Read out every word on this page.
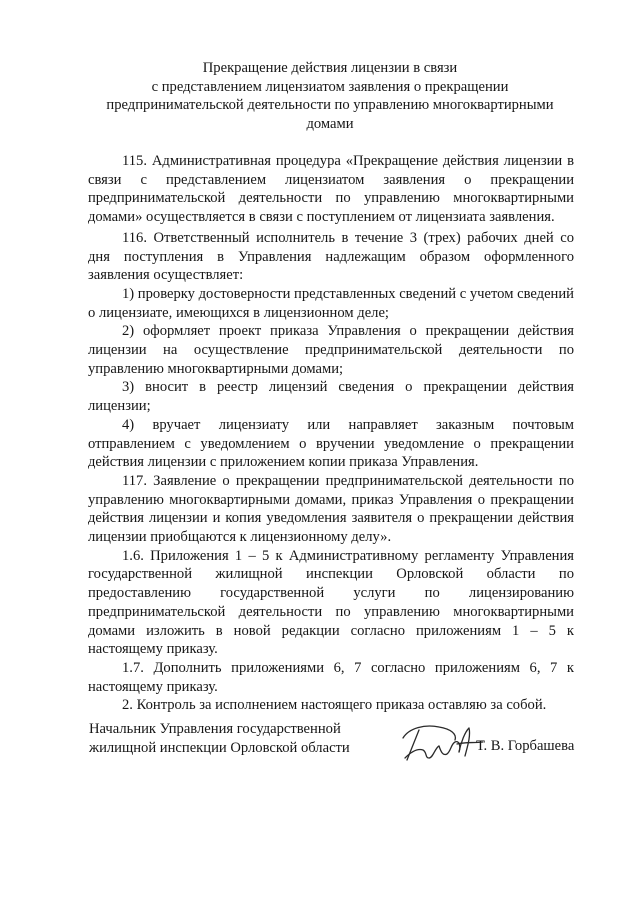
Прекращение действия лицензии в связи
с представлением лицензиатом заявления о прекращении
предпринимательской деятельности по управлению многоквартирными
домами

115. Административная процедура «Прекращение действия лицензии в связи с представлением лицензиатом заявления о прекращении предпринимательской деятельности по управлению многоквартирными домами» осуществляется в связи с поступлением от лицензиата заявления.

116. Ответственный исполнитель в течение 3 (трех) рабочих дней со дня поступления в Управления надлежащим образом оформленного заявления осуществляет:

1) проверку достоверности представленных сведений с учетом сведений о лицензиате, имеющихся в лицензионном деле;

2) оформляет проект приказа Управления о прекращении действия лицензии на осуществление предпринимательской деятельности по управлению многоквартирными домами;

3) вносит в реестр лицензий сведения о прекращении действия лицензии;

4) вручает лицензиату или направляет заказным почтовым отправлением с уведомлением о вручении уведомление о прекращении действия лицензии с приложением копии приказа Управления.

117. Заявление о прекращении предпринимательской деятельности по управлению многоквартирными домами, приказ Управления о прекращении действия лицензии и копия уведомления заявителя о прекращении действия лицензии приобщаются к лицензионному делу».

1.6. Приложения 1 – 5 к Административному регламенту Управления государственной жилищной инспекции Орловской области по предоставлению государственной услуги по лицензированию предпринимательской деятельности по управлению многоквартирными домами изложить в новой редакции согласно приложениям 1 – 5 к настоящему приказу.

1.7. Дополнить приложениями 6, 7 согласно приложениям 6, 7 к настоящему приказу.

2. Контроль за исполнением настоящего приказа оставляю за собой.

Начальник Управления государственной
жилищной инспекции Орловской области	Т. В. Горбашева
